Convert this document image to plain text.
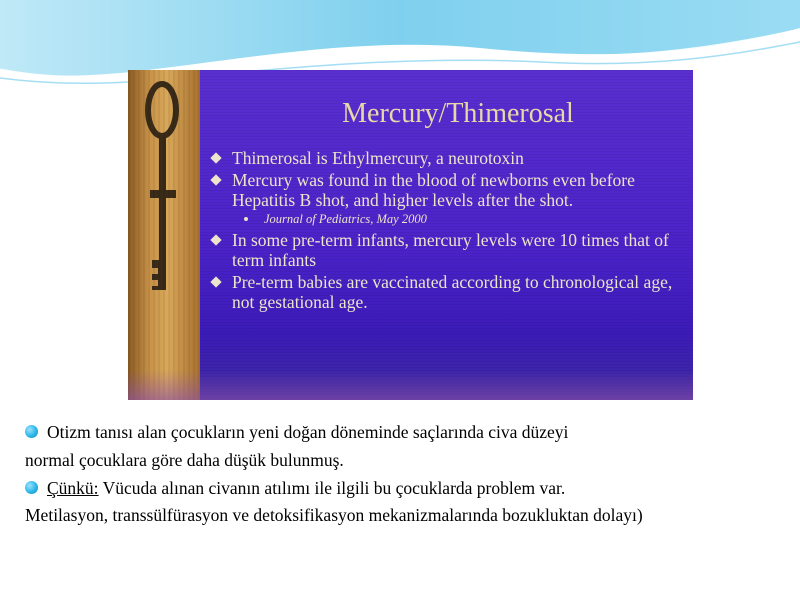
Mercury/Thimerosal
Thimerosal is Ethylmercury, a neurotoxin
Mercury was found in the blood of newborns even before Hepatitis B shot, and higher levels after the shot.
Journal of Pediatrics, May 2000
In some pre-term infants, mercury levels were 10 times that of term infants
Pre-term babies are vaccinated according to chronological age, not gestational age.

Otizm tanısı alan çocukların yeni doğan döneminde saçlarında civa düzeyi

normal çocuklara göre daha düşük bulunmuş.

Çünkü: Vücuda alınan civanın atılımı ile ilgili bu çocuklarda problem var.

Metilasyon, transsülfürasyon ve detoksifikasyon mekanizmalarında bozukluktan dolayı)
